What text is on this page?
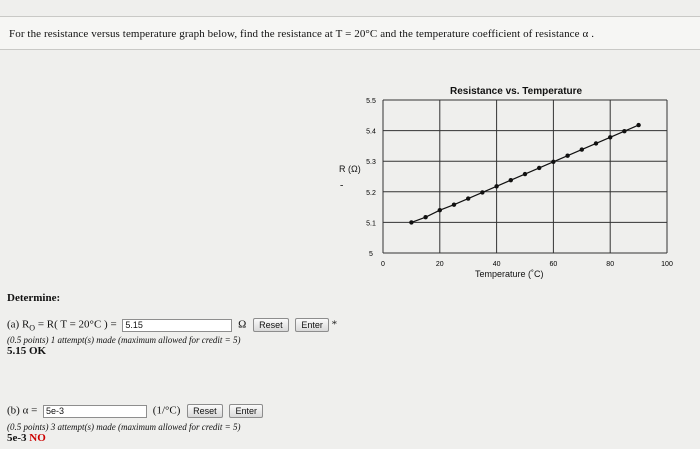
For the resistance versus temperature graph below, find the resistance at T = 20°C and the temperature coefficient of resistance α .
Resistance vs. Temperature
R (Ω)
-
0	20	40	60	80	100
5
5.1
5.2
5.3
5.4
5.5
Temperature (˚C)
Determine:
(a) $R_O = R$( T = 20°C ) = 5.15	Ω Reset Enter *
(0.5 points) 1 attempt(s) made (maximum allowed for credit = 5)
5.15 OK
(b) α = 5e-3	(1/°C) Reset Enter
(0.5 points) 3 attempt(s) made (maximum allowed for credit = 5)
5e-3 NO
